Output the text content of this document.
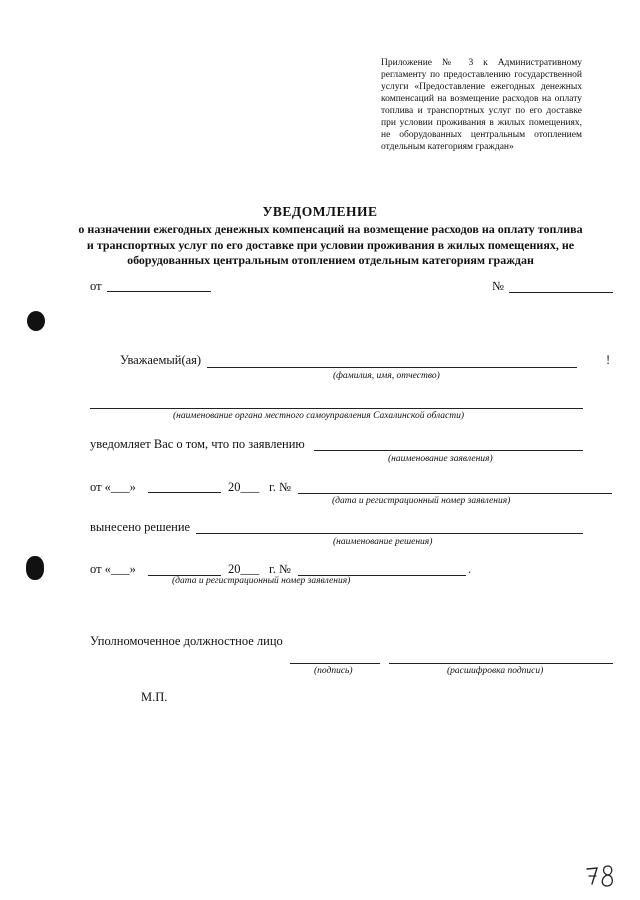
Приложение № 3 к Административному регламенту по предоставлению государственной услуги «Предоставление ежегодных денежных компенсаций на возмещение расходов на оплату топлива и транспортных услуг по его доставке при условии проживания в жилых помещениях, не оборудованных центральным отоплением отдельным категориям граждан»
УВЕДОМЛЕНИЕ
о назначении ежегодных денежных компенсаций на возмещение расходов на оплату топлива и транспортных услуг по его доставке при условии проживания в жилых помещениях, не оборудованных центральным отоплением отдельным категориям граждан
от	№
Уважаемый(ая)	!
(фамилия, имя, отчество)
(наименование органа местного самоуправления Сахалинской области)
уведомляет Вас о том, что по заявлению
(наименование заявления)
от «___»	20___ г. №
(дата и регистрационный номер заявления)
вынесено решение
(наименование решения)
от «___»	20___ г. №	.
(дата и регистрационный номер заявления)
Уполномоченное должностное лицо
(подпись)	(расшифровка подписи)
М.П.
